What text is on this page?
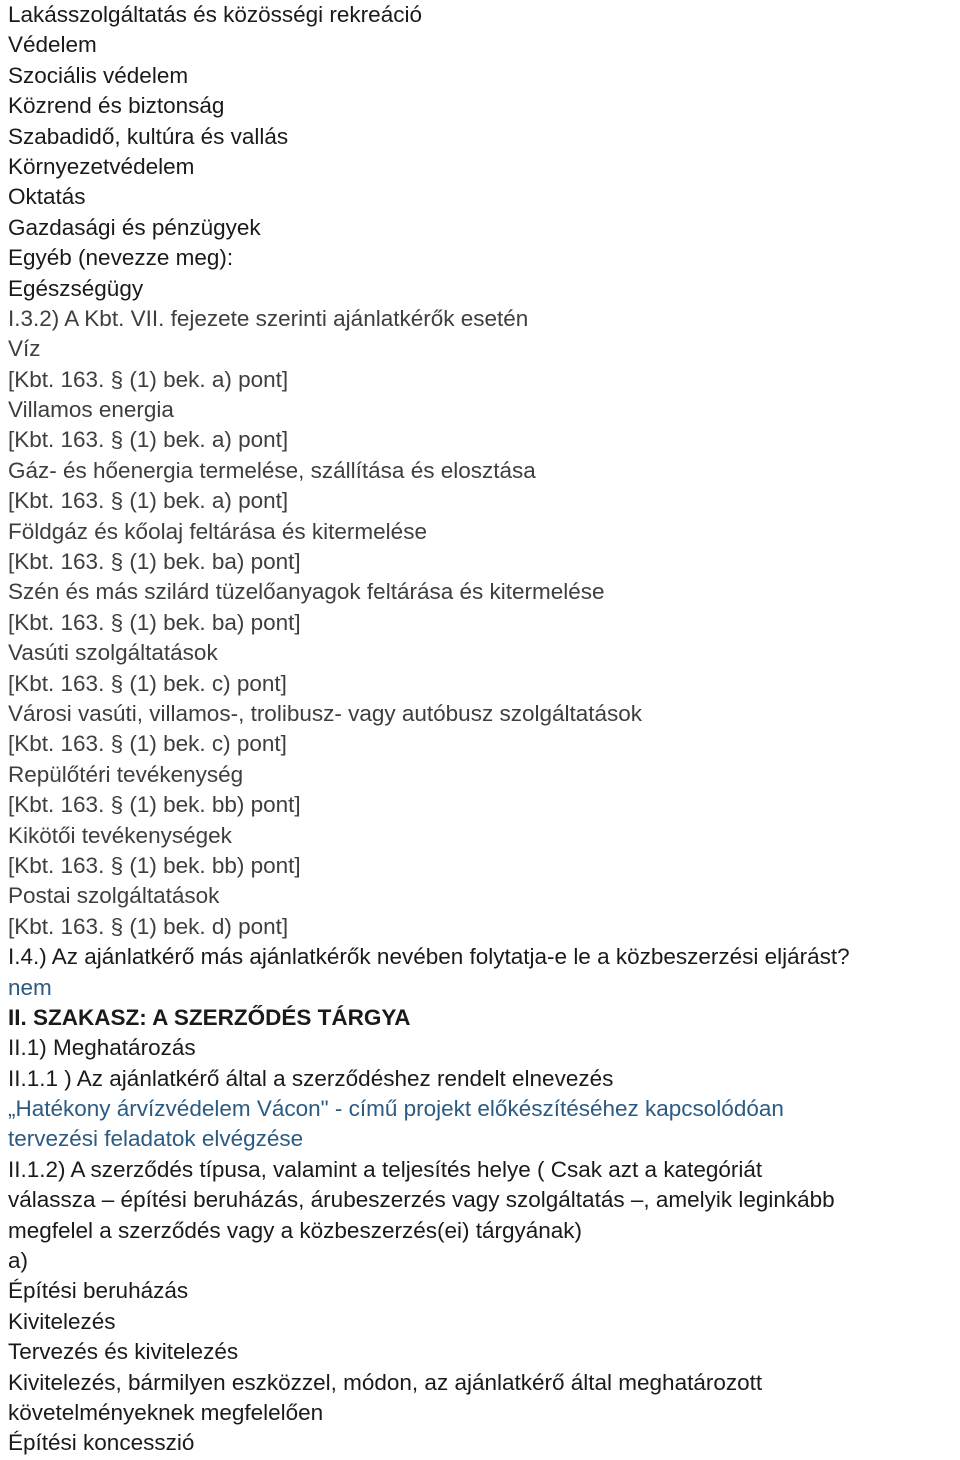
Lakásszolgáltatás és közösségi rekreáció
Védelem
Szociális védelem
Közrend és biztonság
Szabadidő, kultúra és vallás
Környezetvédelem
Oktatás
Gazdasági és pénzügyek
Egyéb (nevezze meg):
Egészségügy
I.3.2) A Kbt. VII. fejezete szerinti ajánlatkérők esetén
Víz
[Kbt. 163. § (1) bek. a) pont]
Villamos energia
[Kbt. 163. § (1) bek. a) pont]
Gáz- és hőenergia termelése, szállítása és elosztása
[Kbt. 163. § (1) bek. a) pont]
Földgáz és kőolaj feltárása és kitermelése
[Kbt. 163. § (1) bek. ba) pont]
Szén és más szilárd tüzelőanyagok feltárása és kitermelése
[Kbt. 163. § (1) bek. ba) pont]
Vasúti szolgáltatások
[Kbt. 163. § (1) bek. c) pont]
Városi vasúti, villamos-, trolibusz- vagy autóbusz szolgáltatások
[Kbt. 163. § (1) bek. c) pont]
Repülőtéri tevékenység
[Kbt. 163. § (1) bek. bb) pont]
Kikötői tevékenységek
[Kbt. 163. § (1) bek. bb) pont]
Postai szolgáltatások
[Kbt. 163. § (1) bek. d) pont]
I.4.) Az ajánlatkérő más ajánlatkérők nevében folytatja-e le a közbeszerzési eljárást?
nem
II. SZAKASZ: A SZERZŐDÉS TÁRGYA
II.1) Meghatározás
II.1.1 ) Az ajánlatkérő által a szerződéshez rendelt elnevezés
„Hatékony árvízvédelem Vácon" - című projekt előkészítéséhez kapcsolódóan
tervezési feladatok elvégzése
II.1.2) A szerződés típusa, valamint a teljesítés helye ( Csak azt a kategóriát
válassza – építési beruházás, árubeszerzés vagy szolgáltatás –, amelyik leginkább
megfelel a szerződés vagy a közbeszerzés(ei) tárgyának)
a)
Építési beruházás
Kivitelezés
Tervezés és kivitelezés
Kivitelezés, bármilyen eszközzel, módon, az ajánlatkérő által meghatározott
követelményeknek megfelelően
Építési koncesszió
